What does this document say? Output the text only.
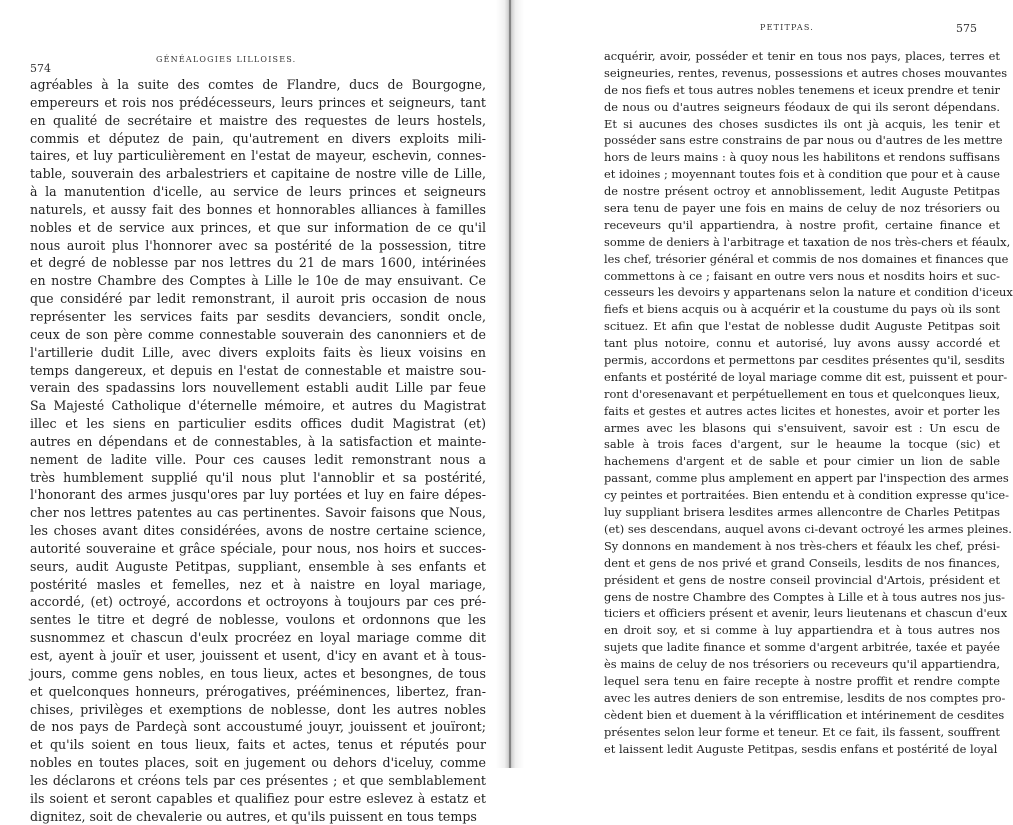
574
GÉNÉALOGIES LILLOISES.
agréables à la suite des comtes de Flandre, ducs de Bourgogne,
empereurs et rois nos prédécesseurs, leurs princes et seigneurs, tant
en qualité de secrétaire et maistre des requestes de leurs hostels,
commis et députez de pain, qu'autrement en divers exploits mili-
taires, et luy particulièrement en l'estat de mayeur, eschevin, connes-
table, souverain des arbalestriers et capitaine de nostre ville de Lille,
à la manutention d'icelle, au service de leurs princes et seigneurs
naturels, et aussy fait des bonnes et honnorables alliances à familles
nobles et de service aux princes, et que sur information de ce qu'il
nous auroit plus l'honnorer avec sa postérité de la possession, titre
et degré de noblesse par nos lettres du 21 de mars 1600, intérinées
en nostre Chambre des Comptes à Lille le 10e de may ensuivant. Ce
que considéré par ledit remonstrant, il auroit pris occasion de nous
représenter les services faits par sesdits devanciers, sondit oncle,
ceux de son père comme connestable souverain des canonniers et de
l'artillerie dudit Lille, avec divers exploits faits ès lieux voisins en
temps dangereux, et depuis en l'estat de connestable et maistre sou-
verain des spadassins lors nouvellement establi audit Lille par feue
Sa Majesté Catholique d'éternelle mémoire, et autres du Magistrat
illec et les siens en particulier esdits offices dudit Magistrat (et)
autres en dépendans et de connestables, à la satisfaction et mainte-
nement de ladite ville. Pour ces causes ledit remonstrant nous a
très humblement supplié qu'il nous plut l'annoblir et sa postérité,
l'honorant des armes jusqu'ores par luy portées et luy en faire dépes-
cher nos lettres patentes au cas pertinentes. Savoir faisons que Nous,
les choses avant dites considérées, avons de nostre certaine science,
autorité souveraine et grâce spéciale, pour nous, nos hoirs et succes-
seurs, audit Auguste Petitpas, suppliant, ensemble à ses enfants et
postérité masles et femelles, nez et à naistre en loyal mariage,
accordé, (et) octroyé, accordons et octroyons à toujours par ces pré-
sentes le titre et degré de noblesse, voulons et ordonnons que les
susnommez et chascun d'eulx procréez en loyal mariage comme dit
est, ayent à jouïr et user, jouissent et usent, d'icy en avant et à tous-
jours, comme gens nobles, en tous lieux, actes et besongnes, de tous
et quelconques honneurs, prérogatives, prééminences, libertez, fran-
chises, privilèges et exemptions de noblesse, dont les autres nobles
de nos pays de Pardeçà sont accoustumé jouyr, jouissent et jouïront;
et qu'ils soient en tous lieux, faits et actes, tenus et réputés pour
nobles en toutes places, soit en jugement ou dehors d'iceluy, comme
les déclarons et créons tels par ces présentes ; et que semblablement
ils soient et seront capables et qualifiez pour estre eslevez à estatz et
dignitez, soit de chevalerie ou autres, et qu'ils puissent en tous temps
PETITPAS.	575
acquérir, avoir, posséder et tenir en tous nos pays, places, terres et
seigneuries, rentes, revenus, possessions et autres choses mouvantes
de nos fiefs et tous autres nobles tenemens et iceux prendre et tenir
de nous ou d'autres seigneurs féodaux de qui ils seront dépendans.
Et si aucunes des choses susdictes ils ont jà acquis, les tenir et
posséder sans estre constrains de par nous ou d'autres de les mettre
hors de leurs mains : à quoy nous les habilitons et rendons suffisans
et idoines ; moyennant toutes fois et à condition que pour et à cause
de nostre présent octroy et annoblissement, ledit Auguste Petitpas
sera tenu de payer une fois en mains de celuy de noz trésoriers ou
receveurs qu'il appartiendra, à nostre profit, certaine finance et
somme de deniers à l'arbitrage et taxation de nos très-chers et féaulx,
les chef, trésorier général et commis de nos domaines et finances que
commettons à ce ; faisant en outre vers nous et nosdits hoirs et suc-
cesseurs les devoirs y appartenans selon la nature et condition d'iceux
fiefs et biens acquis ou à acquérir et la coustume du pays où ils sont
scituez. Et afin que l'estat de noblesse dudit Auguste Petitpas soit
tant plus notoire, connu et autorisé, luy avons aussy accordé et
permis, accordons et permettons par cesdites présentes qu'il, sesdits
enfants et postérité de loyal mariage comme dit est, puissent et pour-
ront d'oresenavant et perpétuellement en tous et quelconques lieux,
faits et gestes et autres actes licites et honestes, avoir et porter les
armes avec les blasons qui s'ensuivent, savoir est : Un escu de
sable à trois faces d'argent, sur le heaume la tocque (sic) et
hachemens d'argent et de sable et pour cimier un lion de sable
passant, comme plus amplement en appert par l'inspection des armes
cy peintes et portraitées. Bien entendu et à condition expresse qu'ice-
luy suppliant brisera lesdites armes allencontre de Charles Petitpas
(et) ses descendans, auquel avons ci-devant octroyé les armes pleines.
Sy donnons en mandement à nos très-chers et féaulx les chef, prési-
dent et gens de nos privé et grand Conseils, lesdits de nos finances,
président et gens de nostre conseil provincial d'Artois, président et
gens de nostre Chambre des Comptes à Lille et à tous autres nos jus-
ticiers et officiers présent et avenir, leurs lieutenans et chascun d'eux
en droit soy, et si comme à luy appartiendra et à tous autres nos
sujets que ladite finance et somme d'argent arbitrée, taxée et payée
ès mains de celuy de nos trésoriers ou receveurs qu'il appartiendra,
lequel sera tenu en faire recepte à nostre proffit et rendre compte
avec les autres deniers de son entremise, lesdits de nos comptes pro-
cèdent bien et duement à la vérifflication et intérinement de cesdites
présentes selon leur forme et teneur. Et ce fait, ils fassent, souffrent
et laissent ledit Auguste Petitpas, sesdis enfans et postérité de loyal
